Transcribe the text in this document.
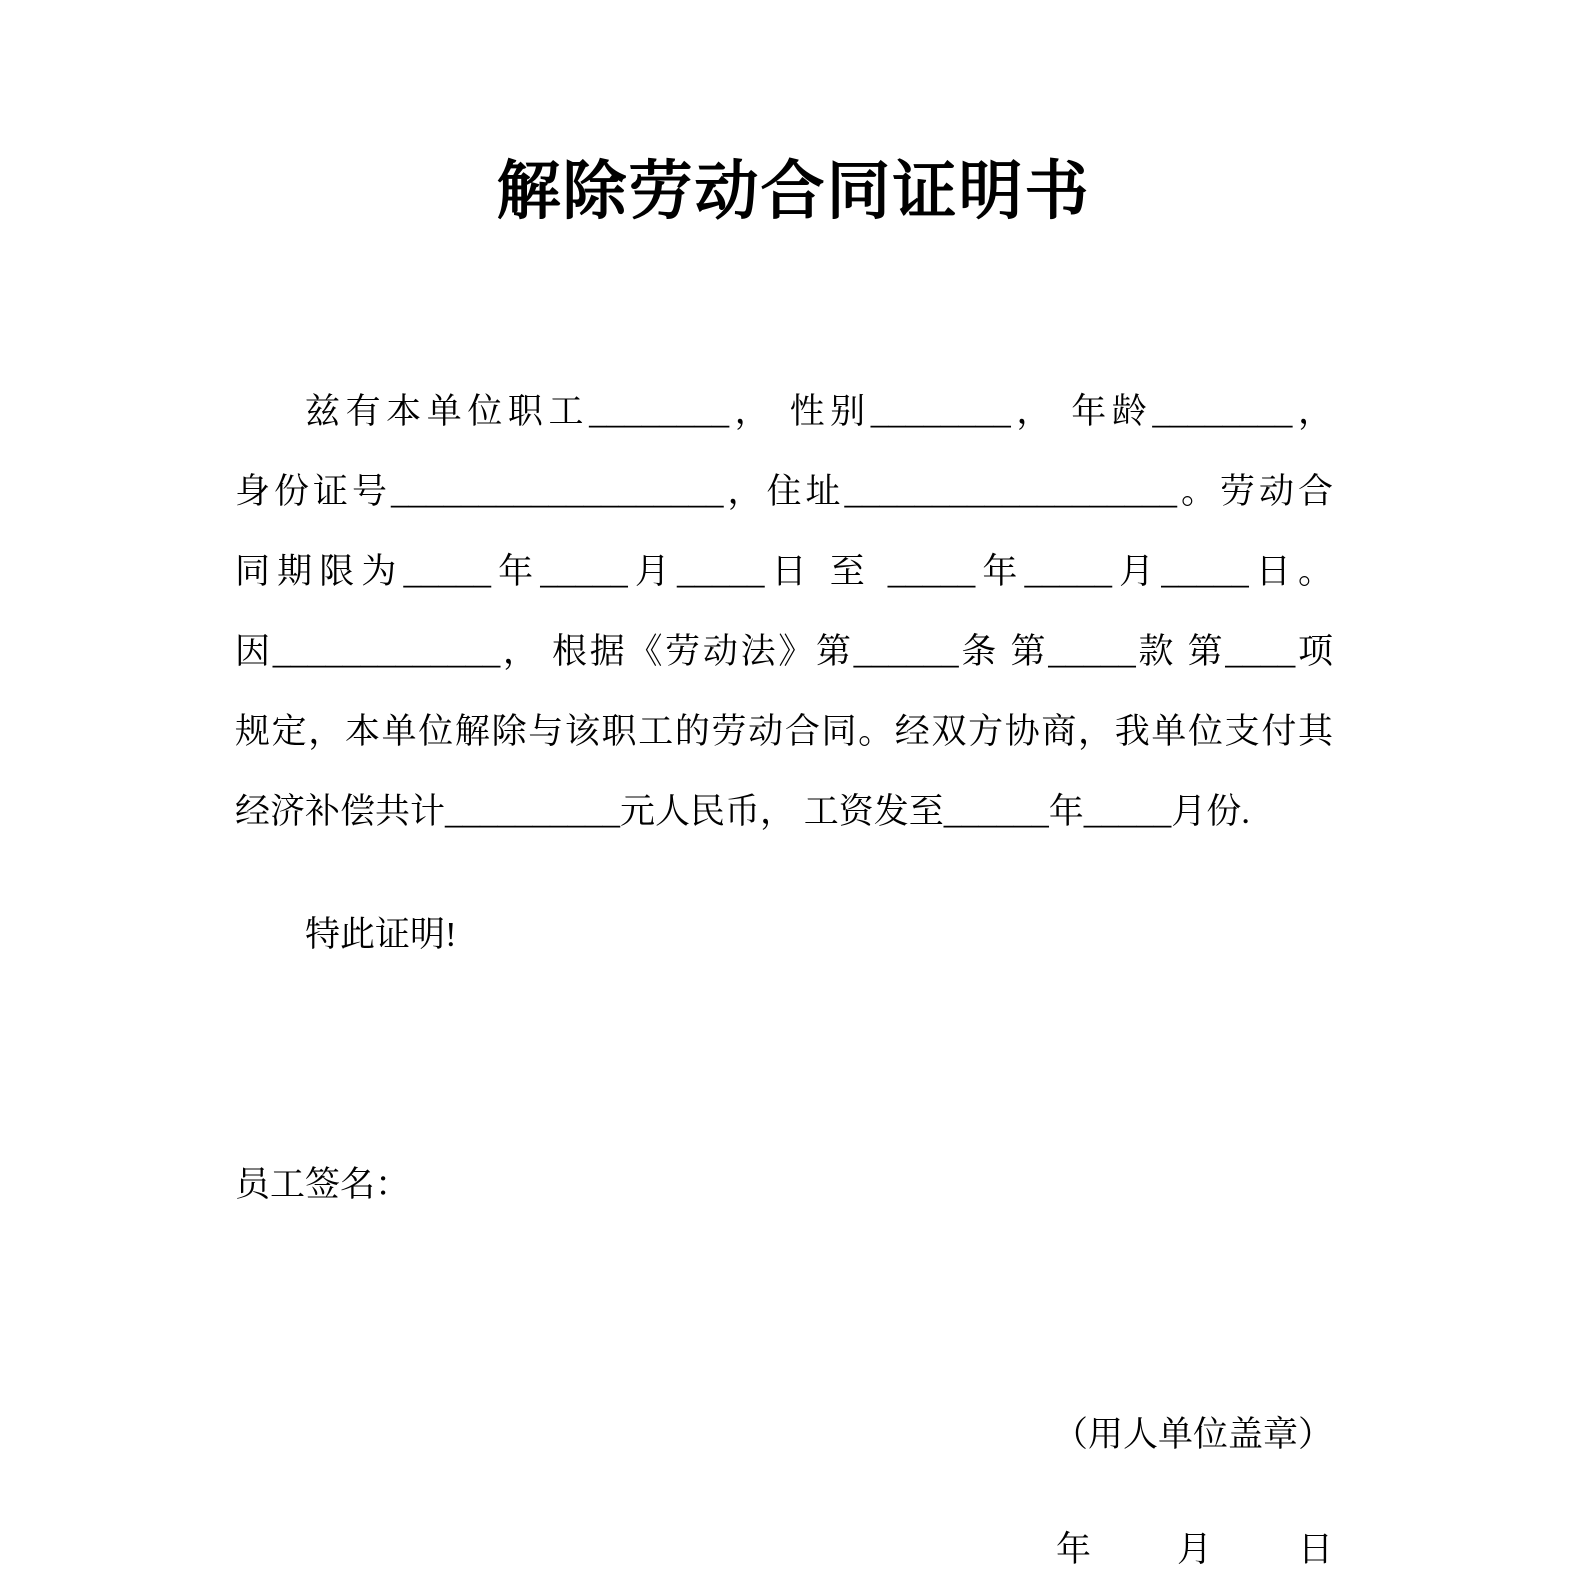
解除劳动合同证明书
兹有本单位职工________， 性别________， 年龄________，
身份证号___________________，住址___________________。劳动合
同期限为_____年_____月_____日 至 _____年_____月_____日。
因_____________， 根据《劳动法》第______条 第_____款 第____项
规定，本单位解除与该职工的劳动合同。经双方协商，我单位支付其
经济补偿共计__________元人民币， 工资发至______年_____月份.
特此证明!
员工签名：
（用人单位盖章）
年 月 日
